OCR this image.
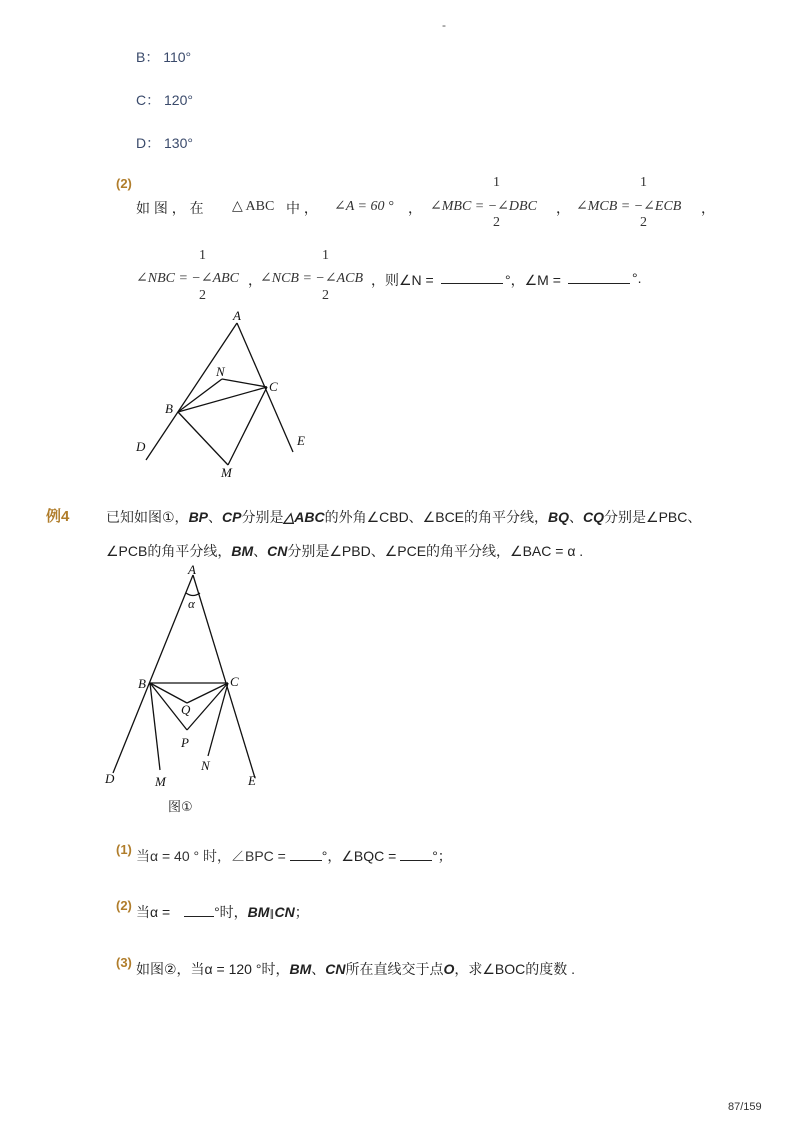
-
B： 110°
C： 120°
D： 130°
(2)	1
2
1
2
如 图 ， 在 △ ABC 中 ， ∠A = 60 ° ， ∠MBC = −∠DBC ， ∠MCB = −∠ECB ，
1
2
1
2
∠NBC = −∠ABC ，
∠NCB = −∠ACB ，则∠N =	°，∠M =	°.
A
N
C
B
D	E
M
例4	已知如图①，BP、CP分别是△ABC的外角∠CBD、∠BCE的角平分线，BQ、CQ分别是∠PBC、
∠PCB的角平分线，BM、CN分别是∠PBD、∠PCE的角平分线，∠BAC = α .
A
α
B	C
Q
P
D	M
N
E
图①
(1) 当α = 40 ° 时，∠BPC =	°，∠BQC =	°；
(2) 当α =	°时，BM∥CN；
(3) 如图②，当α = 120 °时，BM、CN所在直线交于点O，求∠BOC的度数 .
87/159
